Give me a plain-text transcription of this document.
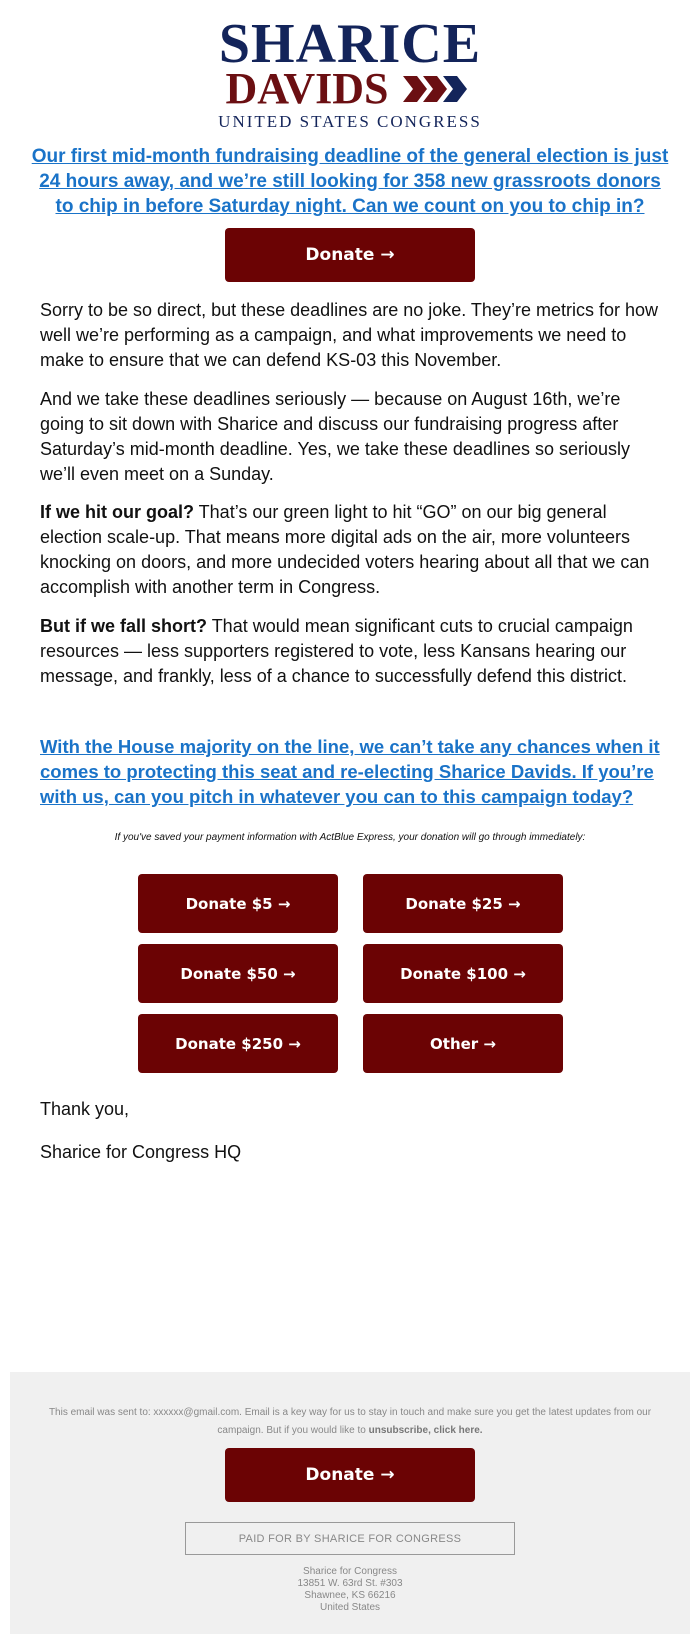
SHARICE
DAVIDS
UNITED STATES CONGRESS
Our first mid-month fundraising deadline of the general election is just 24 hours away, and we’re still looking for 358 new grassroots donors to chip in before Saturday night. Can we count on you to chip in?
Donate →

Sorry to be so direct, but these deadlines are no joke. They’re metrics for how well we’re performing as a campaign, and what improvements we need to make to ensure that we can defend KS-03 this November.

And we take these deadlines seriously — because on August 16th, we’re going to sit down with Sharice and discuss our fundraising progress after Saturday’s mid-month deadline. Yes, we take these deadlines so seriously we’ll even meet on a Sunday.

If we hit our goal? That’s our green light to hit “GO” on our big general election scale-up. That means more digital ads on the air, more volunteers knocking on doors, and more undecided voters hearing about all that we can accomplish with another term in Congress.

But if we fall short? That would mean significant cuts to crucial campaign resources — less supporters registered to vote, less Kansans hearing our message, and frankly, less of a chance to successfully defend this district.

With the House majority on the line, we can’t take any chances when it comes to protecting this seat and re-electing Sharice Davids. If you’re with us, can you pitch in whatever you can to this campaign today?
If you've saved your payment information with ActBlue Express, your donation will go through immediately:
Donate $5 →	Donate $25 →
Donate $50 →	Donate $100 →
Donate $250 →	Other →
Thank you,
Sharice for Congress HQ
This email was sent to: xxxxxx@gmail.com. Email is a key way for us to stay in touch and make sure you get the latest updates from our campaign. But if you would like to unsubscribe, click here.
Donate →
PAID FOR BY SHARICE FOR CONGRESS
Sharice for Congress
13851 W. 63rd St. #303
Shawnee, KS 66216
United States
